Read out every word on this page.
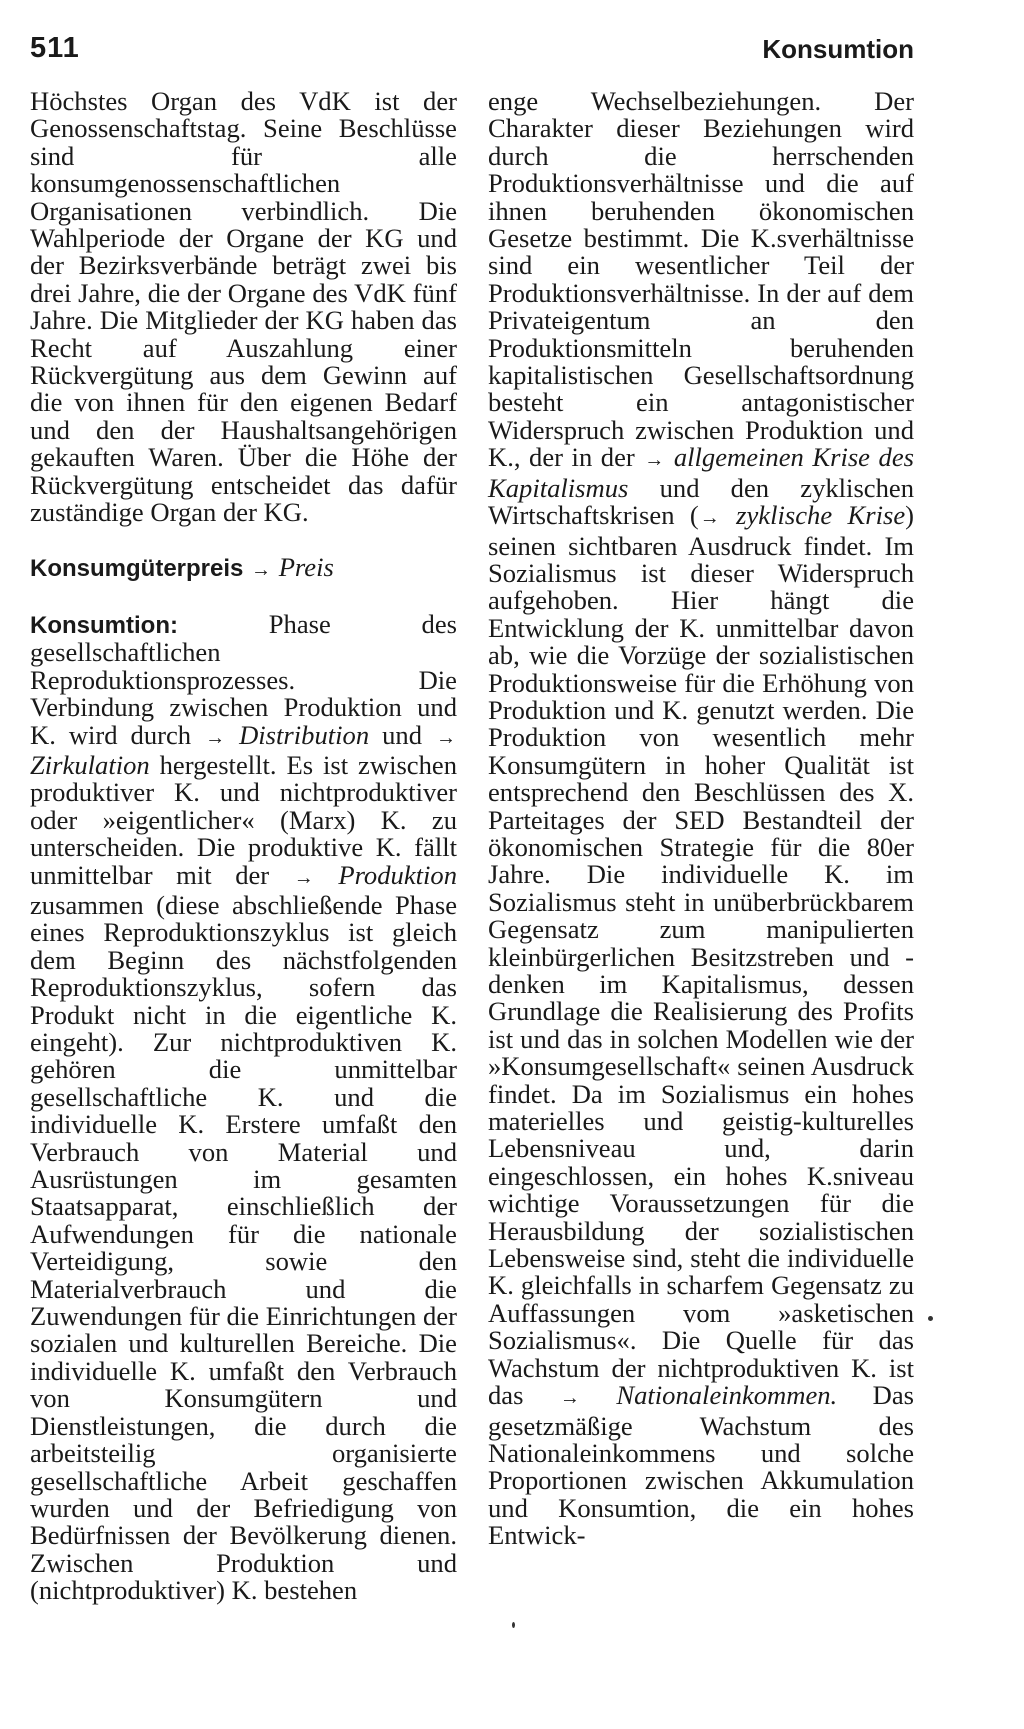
511	Konsumtion

Höchstes Organ des VdK ist der Genossenschaftstag. Seine Beschlüsse sind für alle konsumgenossenschaftlichen Organisationen verbindlich. Die Wahlperiode der Organe der KG und der Bezirksverbände beträgt zwei bis drei Jahre, die der Organe des VdK fünf Jahre. Die Mitglieder der KG haben das Recht auf Auszahlung einer Rückvergütung aus dem Gewinn auf die von ihnen für den eigenen Bedarf und den der Haushaltsangehörigen gekauften Waren. Über die Höhe der Rückvergütung entscheidet das dafür zuständige Organ der KG.

Konsumgüterpreis → Preis

Konsumtion:	Phase des gesellschaftlichen Reproduktionsprozesses. Die Verbindung zwischen Produktion und K. wird durch → Distribution und → Zirkulation hergestellt. Es ist zwischen produktiver K. und nichtproduktiver oder »eigentlicher« (Marx) K. zu unterscheiden. Die produktive K. fällt unmittelbar mit der → Produktion zusammen (diese abschließende Phase eines Reproduktionszyklus ist gleich dem Beginn des nächstfolgenden Reproduktionszyklus, sofern das Produkt nicht in die eigentliche K. eingeht). Zur nichtproduktiven K. gehören die unmittelbar gesellschaftliche K. und die individuelle K. Erstere umfaßt den Verbrauch von Material und Ausrüstungen im gesamten Staatsapparat, einschließlich der Aufwendungen für die nationale Verteidigung, sowie den Materialverbrauch und die Zuwendungen für die Einrichtungen der sozialen und kulturellen Bereiche. Die individuelle K. umfaßt den Verbrauch von Konsumgütern und Dienstleistungen, die durch die arbeitsteilig organisierte gesellschaftliche Arbeit geschaffen wurden und der Befriedigung von Bedürfnissen der Bevölkerung dienen. Zwischen Produktion und (nichtproduktiver) K. bestehen

enge Wechselbeziehungen. Der Charakter dieser Beziehungen wird durch die herrschenden Produktionsverhältnisse und die auf ihnen beruhenden ökonomischen Gesetze bestimmt. Die K.sverhältnisse sind ein wesentlicher Teil der Produktionsverhältnisse. In der auf dem Privateigentum an den Produktionsmitteln beruhenden kapitalistischen Gesellschaftsordnung besteht ein antagonistischer Widerspruch zwischen Produktion und K., der in der → allgemeinen Krise des Kapitalismus und den zyklischen Wirtschaftskrisen (→ zyklische Krise) seinen sichtbaren Ausdruck findet. Im Sozialismus ist dieser Widerspruch aufgehoben. Hier hängt die Entwicklung der K. unmittelbar davon ab, wie die Vorzüge der sozialistischen Produktionsweise für die Erhöhung von Produktion und K. genutzt werden. Die Produktion von wesentlich mehr Konsumgütern in hoher Qualität ist entsprechend den Beschlüssen des X. Parteitages der SED Bestandteil der ökonomischen Strategie für die 80er Jahre. Die individuelle K. im Sozialismus steht in unüberbrückbarem Gegensatz zum manipulierten kleinbürgerlichen Besitzstreben und -denken im Kapitalismus, dessen Grundlage die Realisierung des Profits ist und das in solchen Modellen wie der »Konsumgesellschaft« seinen Ausdruck findet. Da im Sozialismus ein hohes materielles und geistig-kulturelles Lebensniveau und, darin eingeschlossen, ein hohes K.sniveau wichtige Voraussetzungen für die Herausbildung der sozialistischen Lebensweise sind, steht die individuelle K. gleichfalls in scharfem Gegensatz zu Auffassungen vom »asketischen Sozialismus«. Die Quelle für das Wachstum der nichtproduktiven K. ist das → Nationaleinkommen. Das gesetzmäßige Wachstum des Nationaleinkommens und solche Proportionen zwischen Akkumulation und Konsumtion, die ein hohes Entwick-
